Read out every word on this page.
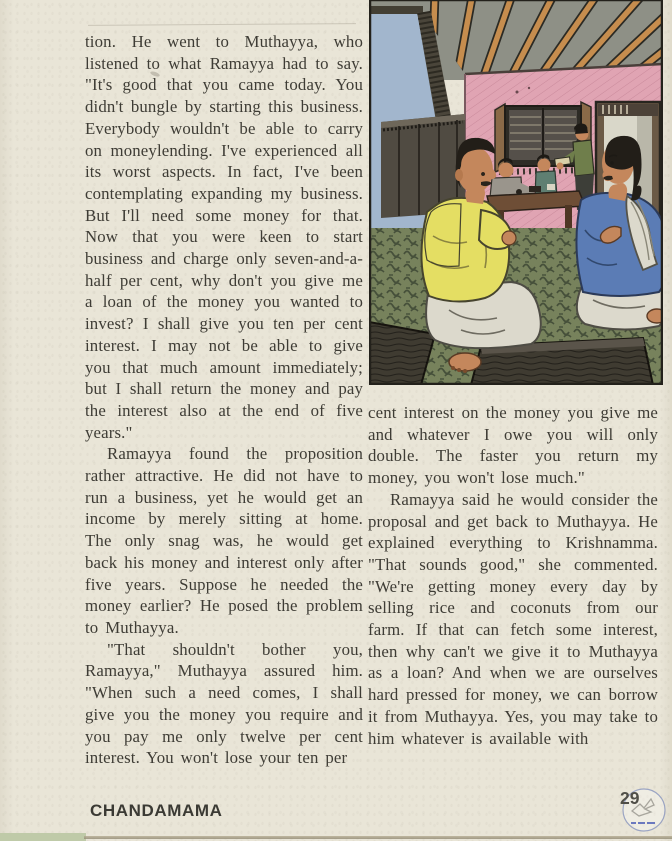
tion. He went to Muthayya, who listened to what Ramayya had to say. "It's good that you came today. You didn't bungle by starting this business. Everybody wouldn't be able to carry on moneylending. I've experienced all its worst aspects. In fact, I've been contemplating expanding my business. But I'll need some money for that. Now that you were keen to start business and charge only seven-and-a-half per cent, why don't you give me a loan of the money you wanted to invest? I shall give you ten per cent interest. I may not be able to give you that much amount immediately; but I shall return the money and pay the interest also at the end of five years."

Ramayya found the proposition rather attractive. He did not have to run a business, yet he would get an income by merely sitting at home. The only snag was, he would get back his money and interest only after five years. Suppose he needed the money earlier? He posed the problem to Muthayya.

"That shouldn't bother you, Ramayya," Muthayya assured him. "When such a need comes, I shall give you the money you require and you pay me only twelve per cent interest. You won't lose your ten per

cent interest on the money you give me and whatever I owe you will only double. The faster you return my money, you won't lose much."

Ramayya said he would consider the proposal and get back to Muthayya. He explained everything to Krishnamma. "That sounds good," she commented. "We're getting money every day by selling rice and coconuts from our farm. If that can fetch some interest, then why can't we give it to Muthayya as a loan? And when we are ourselves hard pressed for money, we can borrow it from Muthayya. Yes, you may take to him whatever is available with

CHANDAMAMA
29
